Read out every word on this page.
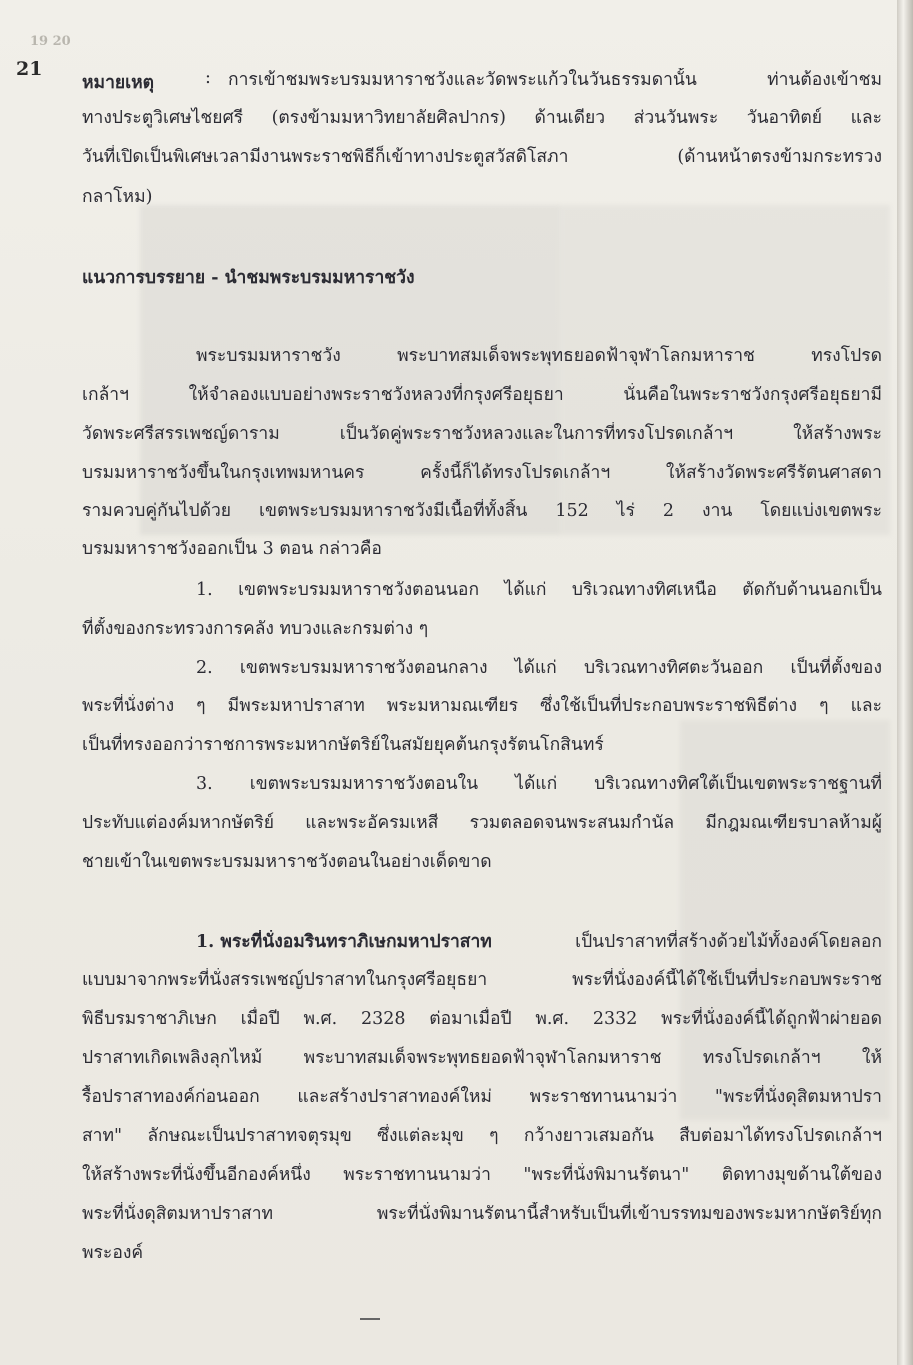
19 20
21
หมายเหตุ	: การเข้าชมพระบรมมหาราชวังและวัดพระแก้วในวันธรรมดานั้น ท่านต้องเข้าชม
ทางประตูวิเศษไชยศรี (ตรงข้ามมหาวิทยาลัยศิลปากร) ด้านเดียว ส่วนวันพระ วันอาทิตย์ และ
วันที่เปิดเป็นพิเศษเวลามีงานพระราชพิธีก็เข้าทางประตูสวัสดิโสภา (ด้านหน้าตรงข้ามกระทรวง
กลาโหม)
แนวการบรรยาย - นำชมพระบรมมหาราชวัง
พระบรมมหาราชวัง พระบาทสมเด็จพระพุทธยอดฟ้าจุฬาโลกมหาราช ทรงโปรด
เกล้าฯ ให้จำลองแบบอย่างพระราชวังหลวงที่กรุงศรีอยุธยา นั่นคือในพระราชวังกรุงศรีอยุธยามี
วัดพระศรีสรรเพชญ์ดาราม เป็นวัดคู่พระราชวังหลวงและในการที่ทรงโปรดเกล้าฯ ให้สร้างพระ
บรมมหาราชวังขึ้นในกรุงเทพมหานคร ครั้งนี้ก็ได้ทรงโปรดเกล้าฯ ให้สร้างวัดพระศรีรัตนศาสดา
รามควบคู่กันไปด้วย เขตพระบรมมหาราชวังมีเนื้อที่ทั้งสิ้น 152 ไร่ 2 งาน โดยแบ่งเขตพระ
บรมมหาราชวังออกเป็น 3 ตอน กล่าวคือ
1. เขตพระบรมมหาราชวังตอนนอก ได้แก่ บริเวณทางทิศเหนือ ตัดกับด้านนอกเป็น
ที่ตั้งของกระทรวงการคลัง ทบวงและกรมต่าง ๆ
2. เขตพระบรมมหาราชวังตอนกลาง ได้แก่ บริเวณทางทิศตะวันออก เป็นที่ตั้งของ
พระที่นั่งต่าง ๆ มีพระมหาปราสาท พระมหามณเฑียร ซึ่งใช้เป็นที่ประกอบพระราชพิธีต่าง ๆ และ
เป็นที่ทรงออกว่าราชการพระมหากษัตริย์ในสมัยยุคต้นกรุงรัตนโกสินทร์
3. เขตพระบรมมหาราชวังตอนใน ได้แก่ บริเวณทางทิศใต้เป็นเขตพระราชฐานที่
ประทับแต่องค์มหากษัตริย์ และพระอัครมเหสี รวมตลอดจนพระสนมกำนัล มีกฎมณเฑียรบาลห้ามผู้
ชายเข้าในเขตพระบรมมหาราชวังตอนในอย่างเด็ดขาด
1. พระที่นั่งอมรินทราภิเษกมหาปราสาท	เป็นปราสาทที่สร้างด้วยไม้ทั้งองค์โดยลอก
แบบมาจากพระที่นั่งสรรเพชญ์ปราสาทในกรุงศรีอยุธยา พระที่นั่งองค์นี้ได้ใช้เป็นที่ประกอบพระราช
พิธีบรมราชาภิเษก เมื่อปี พ.ศ. 2328 ต่อมาเมื่อปี พ.ศ. 2332 พระที่นั่งองค์นี้ได้ถูกฟ้าผ่ายอด
ปราสาทเกิดเพลิงลุกไหม้ พระบาทสมเด็จพระพุทธยอดฟ้าจุฬาโลกมหาราช ทรงโปรดเกล้าฯ ให้
รื้อปราสาทองค์ก่อนออก และสร้างปราสาทองค์ใหม่ พระราชทานนามว่า "พระที่นั่งดุสิตมหาปรา
สาท" ลักษณะเป็นปราสาทจตุรมุข ซึ่งแต่ละมุข ๆ กว้างยาวเสมอกัน สืบต่อมาได้ทรงโปรดเกล้าฯ
ให้สร้างพระที่นั่งขึ้นอีกองค์หนึ่ง พระราชทานนามว่า "พระที่นั่งพิมานรัตนา" ติดทางมุขด้านใต้ของ
พระที่นั่งดุสิตมหาปราสาท พระที่นั่งพิมานรัตนานี้สำหรับเป็นที่เข้าบรรทมของพระมหากษัตริย์ทุก
พระองค์
